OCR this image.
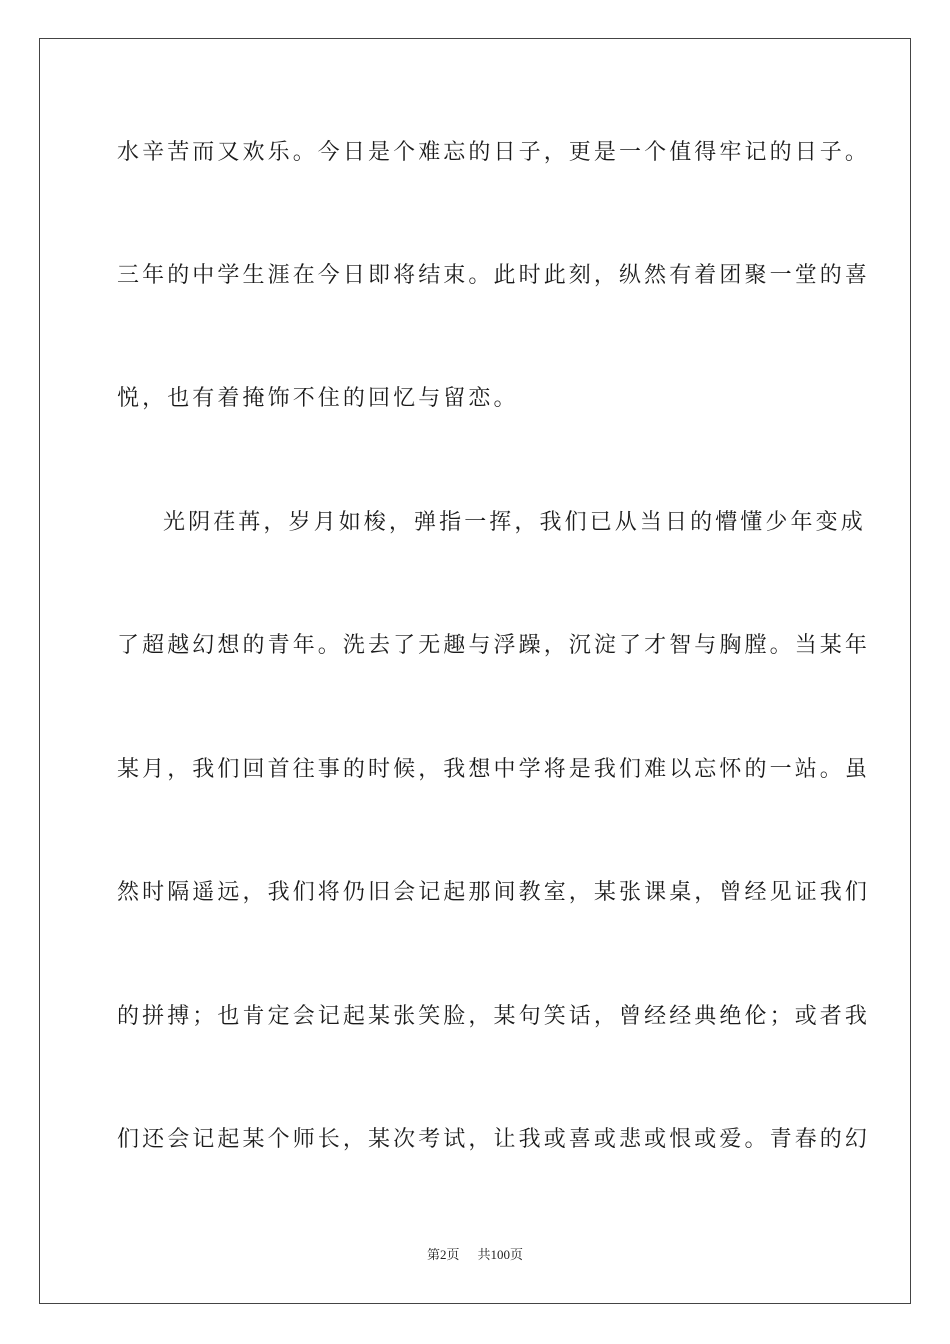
水辛苦而又欢乐。今日是个难忘的日子，更是一个值得牢记的日子。
三年的中学生涯在今日即将结束。此时此刻，纵然有着团聚一堂的喜
悦，也有着掩饰不住的回忆与留恋。
光阴荏苒，岁月如梭，弹指一挥，我们已从当日的懵懂少年变成
了超越幻想的青年。洗去了无趣与浮躁，沉淀了才智与胸膛。当某年
某月，我们回首往事的时候，我想中学将是我们难以忘怀的一站。虽
然时隔遥远，我们将仍旧会记起那间教室，某张课桌，曾经见证我们
的拼搏；也肯定会记起某张笑脸，某句笑话，曾经经典绝伦；或者我
们还会记起某个师长，某次考试，让我或喜或悲或恨或爱。青春的幻
第2页 共100页
